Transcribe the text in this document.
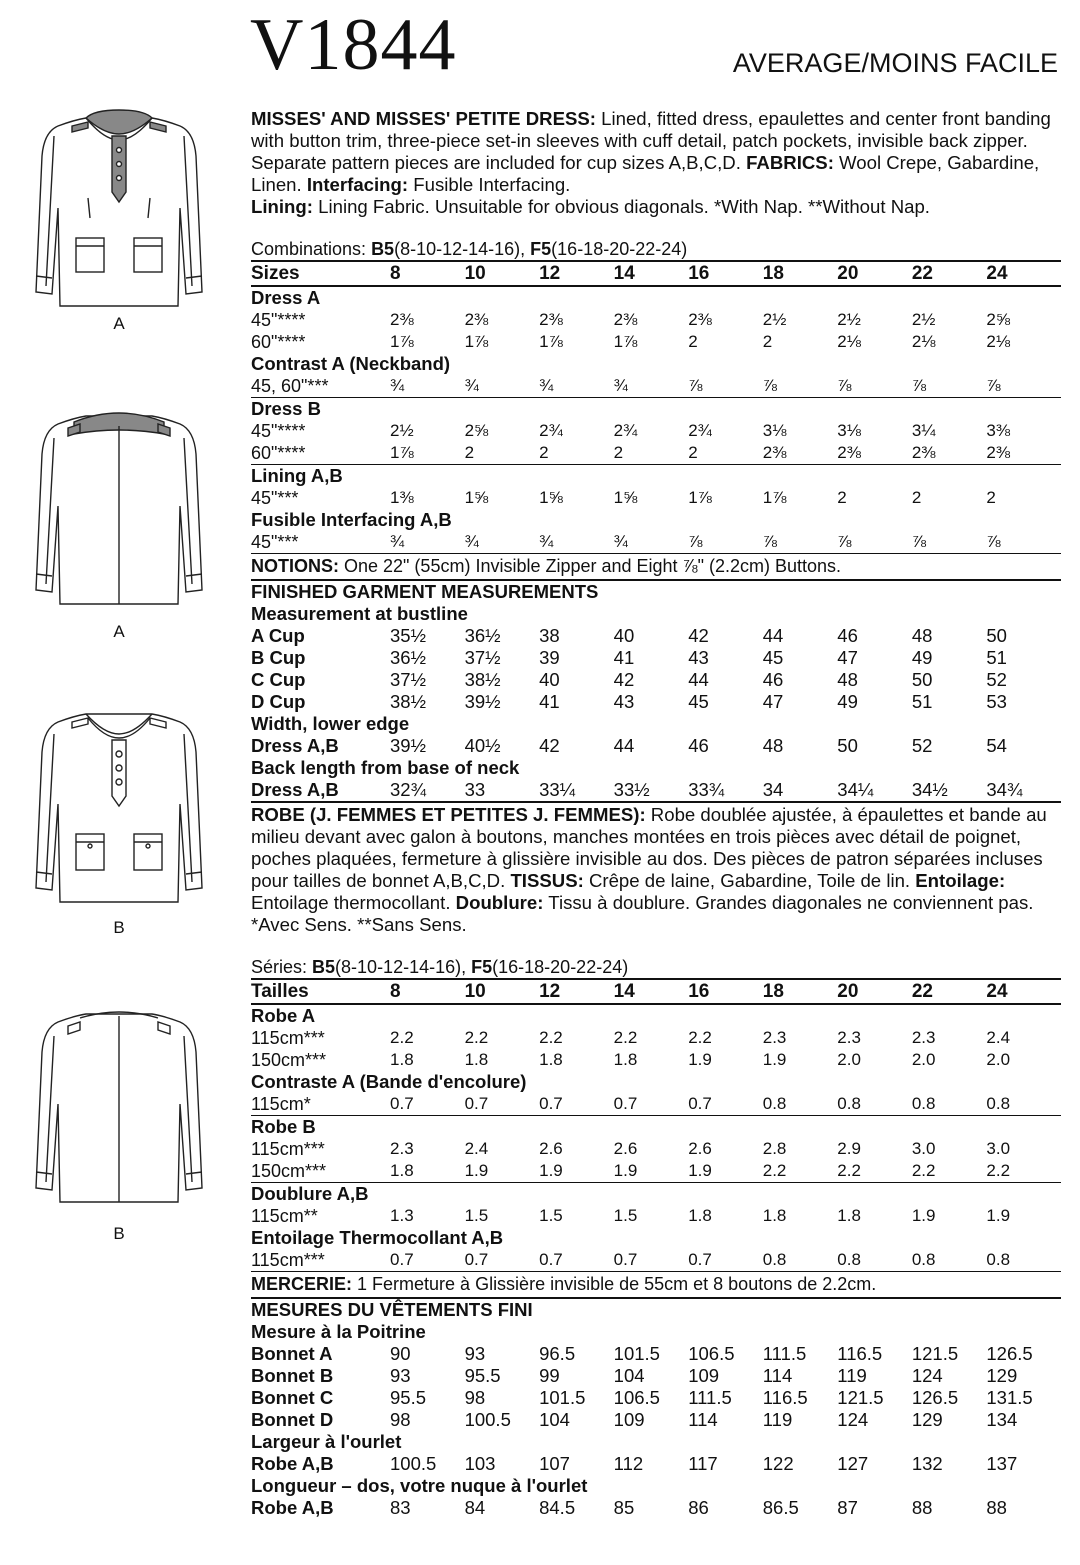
V1844	AVERAGE/MOINS FACILE
A
A
B
B

MISSES' AND MISSES' PETITE DRESS: Lined, fitted dress, epaulettes and center front banding with button trim, three-piece set-in sleeves with cuff detail, patch pockets, invisible back zipper. Separate pattern pieces are included for cup sizes A,B,C,D. FABRICS: Wool Crepe, Gabardine, Linen. Interfacing: Fusible Interfacing.
Lining: Lining Fabric. Unsuitable for obvious diagonals. *With Nap. **Without Nap.

Combinations: B5(8-10-12-14-16), F5(16-18-20-22-24)

Sizes	8	10	12	14	16	18	20	22	24
Dress A									
45"****	2⅜	2⅜	2⅜	2⅜	2⅜	2½	2½	2½	2⅝
60"****	1⅞	1⅞	1⅞	1⅞	2	2	2⅛	2⅛	2⅛
Contrast A (Neckband)									
45, 60"***	¾	¾	¾	¾	⅞	⅞	⅞	⅞	⅞
Dress B									
45"****	2½	2⅝	2¾	2¾	2¾	3⅛	3⅛	3¼	3⅜
60"****	1⅞	2	2	2	2	2⅜	2⅜	2⅜	2⅜
Lining A,B									
45"***	1⅜	1⅝	1⅝	1⅝	1⅞	1⅞	2	2	2
Fusible Interfacing A,B									
45"***	¾	¾	¾	¾	⅞	⅞	⅞	⅞	⅞
NOTIONS: One 22" (55cm) Invisible Zipper and Eight ⅞" (2.2cm) Buttons.
FINISHED GARMENT MEASUREMENTS
Measurement at bustline									
A Cup	35½	36½	38	40	42	44	46	48	50
B Cup	36½	37½	39	41	43	45	47	49	51
C Cup	37½	38½	40	42	44	46	48	50	52
D Cup	38½	39½	41	43	45	47	49	51	53
Width, lower edge									
Dress A,B	39½	40½	42	44	46	48	50	52	54
Back length from base of neck									
Dress A,B	32¾	33	33¼	33½	33¾	34	34¼	34½	34¾

ROBE (J. FEMMES ET PETITES J. FEMMES): Robe doublée ajustée, à épaulettes et bande au milieu devant avec galon à boutons, manches montées en trois pièces avec détail de poignet, poches plaquées, fermeture à glissière invisible au dos. Des pièces de patron séparées incluses pour tailles de bonnet A,B,C,D. TISSUS: Crêpe de laine, Gabardine, Toile de lin. Entoilage: Entoilage thermocollant. Doublure: Tissu à doublure. Grandes diagonales ne conviennent pas. *Avec Sens. **Sans Sens.

Séries: B5(8-10-12-14-16), F5(16-18-20-22-24)

Tailles	8	10	12	14	16	18	20	22	24
Robe A									
115cm***	2.2	2.2	2.2	2.2	2.2	2.3	2.3	2.3	2.4
150cm***	1.8	1.8	1.8	1.8	1.9	1.9	2.0	2.0	2.0
Contraste A (Bande d'encolure)									
115cm*	0.7	0.7	0.7	0.7	0.7	0.8	0.8	0.8	0.8
Robe B									
115cm***	2.3	2.4	2.6	2.6	2.6	2.8	2.9	3.0	3.0
150cm***	1.8	1.9	1.9	1.9	1.9	2.2	2.2	2.2	2.2
Doublure A,B									
115cm**	1.3	1.5	1.5	1.5	1.8	1.8	1.8	1.9	1.9
Entoilage Thermocollant A,B									
115cm***	0.7	0.7	0.7	0.7	0.7	0.8	0.8	0.8	0.8
MERCERIE: 1 Fermeture à Glissière invisible de 55cm et 8 boutons de 2.2cm.
MESURES DU VÊTEMENTS FINI
Mesure à la Poitrine									
Bonnet A	90	93	96.5	101.5	106.5	111.5	116.5	121.5	126.5
Bonnet B	93	95.5	99	104	109	114	119	124	129
Bonnet C	95.5	98	101.5	106.5	111.5	116.5	121.5	126.5	131.5
Bonnet D	98	100.5	104	109	114	119	124	129	134
Largeur à l'ourlet									
Robe A,B	100.5	103	107	112	117	122	127	132	137
Longueur – dos, votre nuque à l'ourlet									
Robe A,B	83	84	84.5	85	86	86.5	87	88	88
